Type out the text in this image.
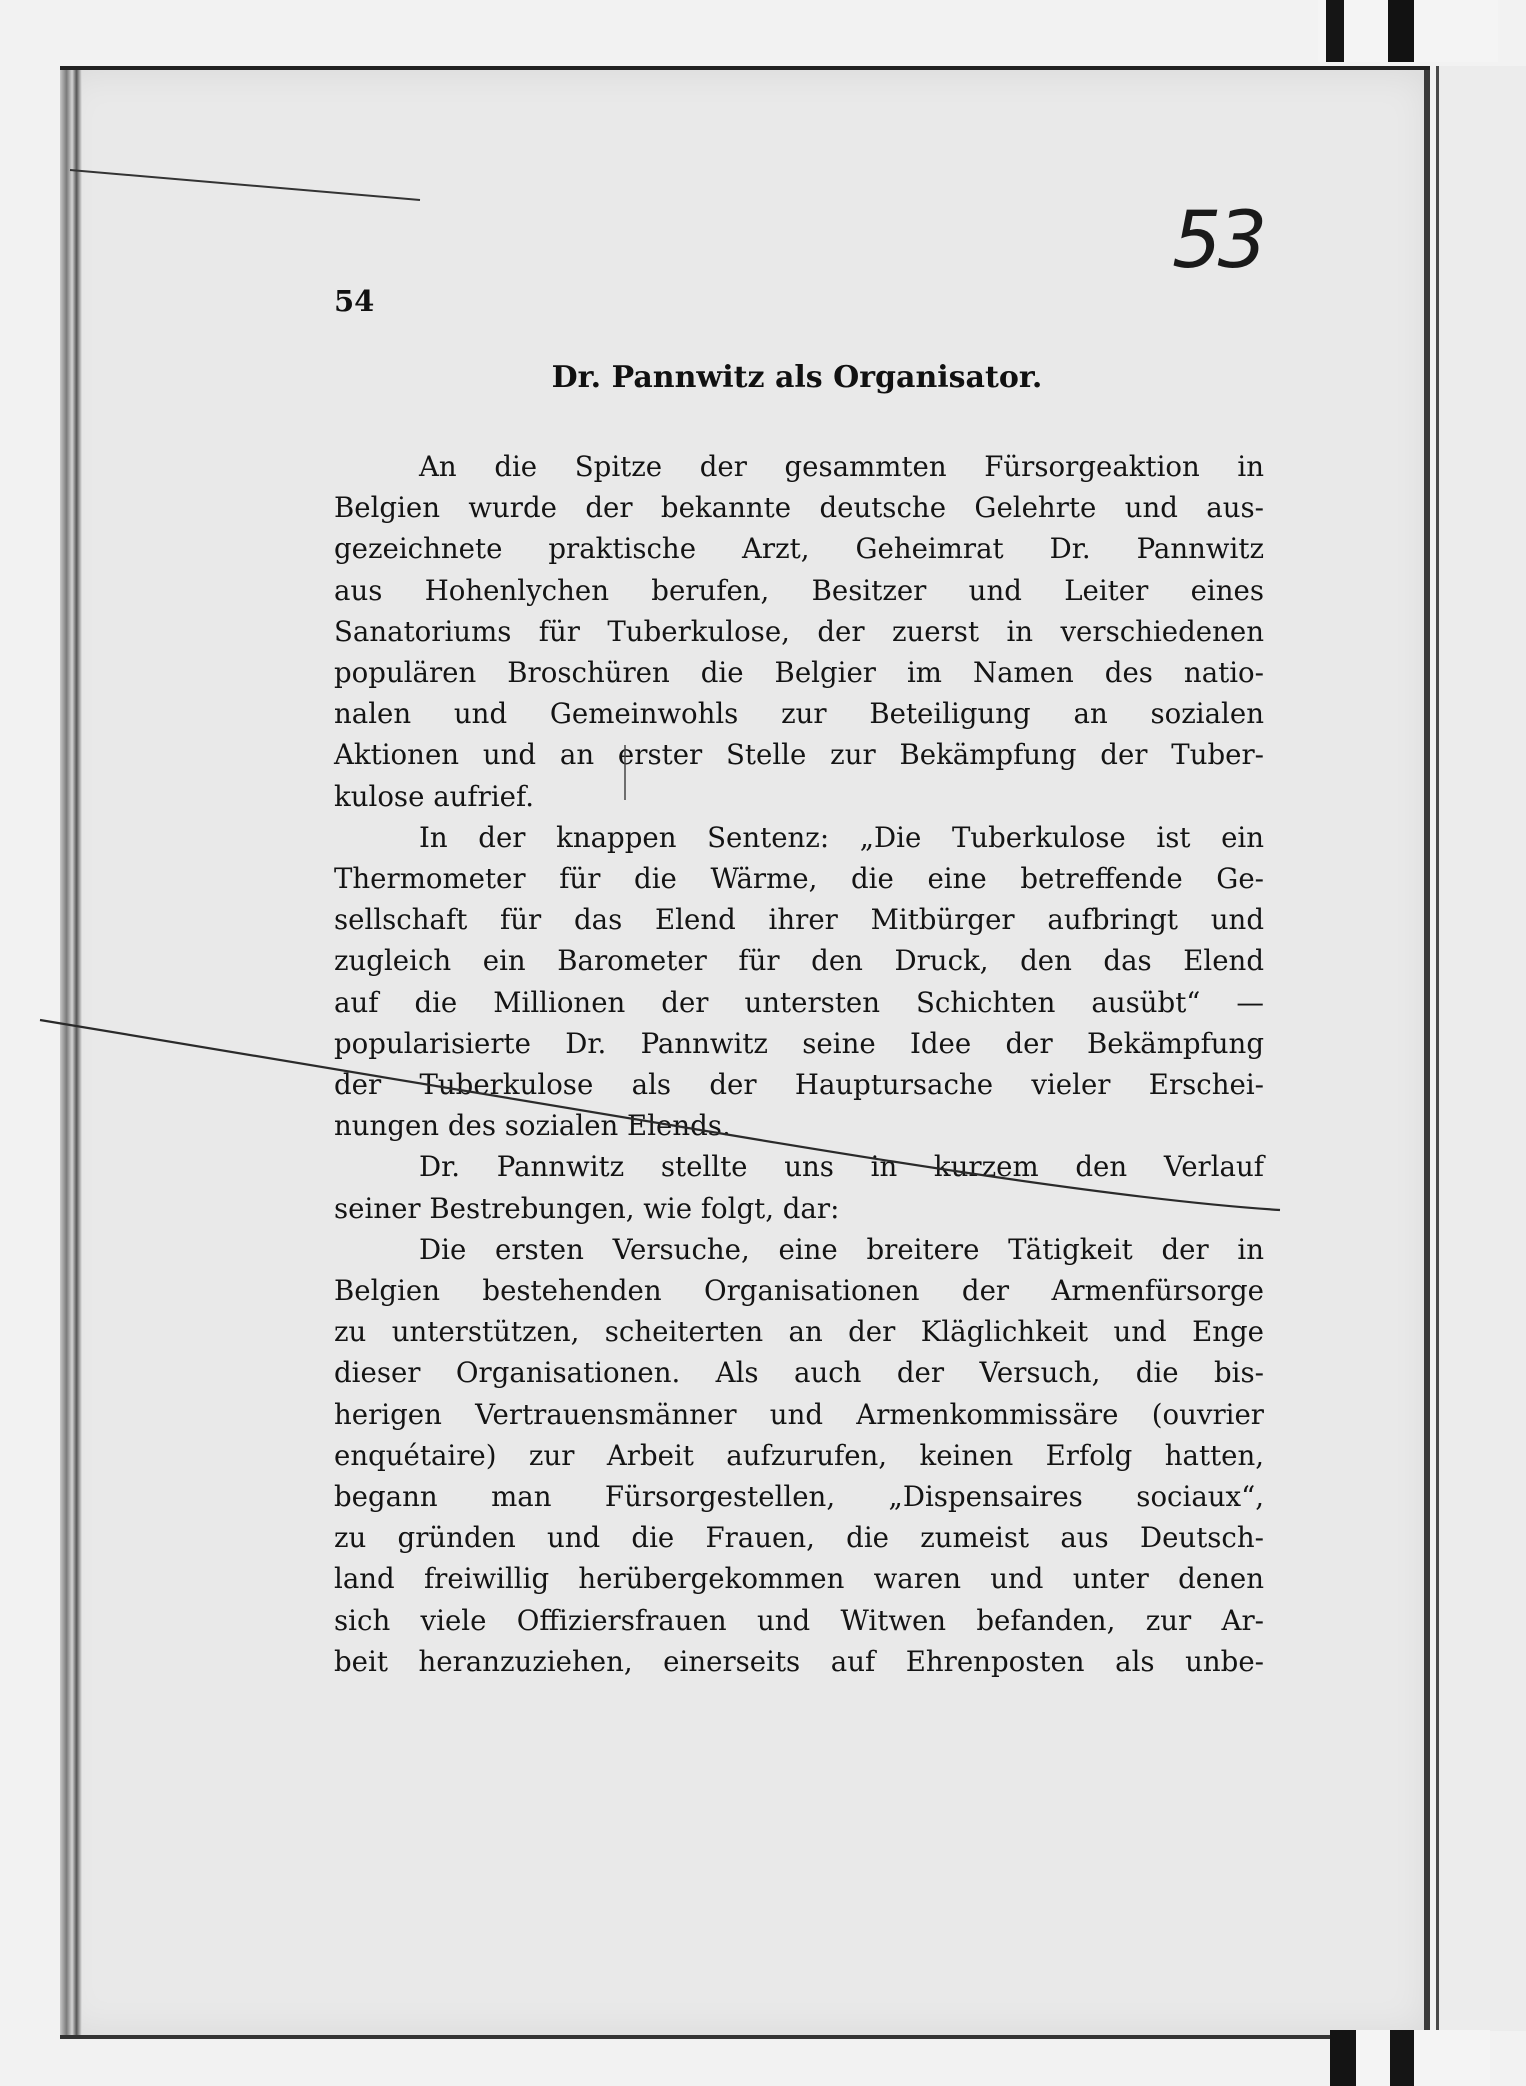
53
54
Dr. Pannwitz als Organisator.
An die Spitze der gesammten Fürsorgeaktion in
Belgien wurde der bekannte deutsche Gelehrte und aus-
gezeichnete praktische Arzt, Geheimrat Dr. Pannwitz
aus Hohenlychen berufen, Besitzer und Leiter eines
Sanatoriums für Tuberkulose, der zuerst in verschiedenen
populären Broschüren die Belgier im Namen des natio-
nalen und Gemeinwohls zur Beteiligung an sozialen
Aktionen und an erster Stelle zur Bekämpfung der Tuber-
kulose aufrief.
In der knappen Sentenz: „Die Tuberkulose ist ein
Thermometer für die Wärme, die eine betreffende Ge-
sellschaft für das Elend ihrer Mitbürger aufbringt und
zugleich ein Barometer für den Druck, den das Elend
auf die Millionen der untersten Schichten ausübt“ —
popularisierte Dr. Pannwitz seine Idee der Bekämpfung
der Tuberkulose als der Hauptursache vieler Erschei-
nungen des sozialen Elends.
Dr. Pannwitz stellte uns in kurzem den Verlauf
seiner Bestrebungen, wie folgt, dar:
Die ersten Versuche, eine breitere Tätigkeit der in
Belgien bestehenden Organisationen der Armenfürsorge
zu unterstützen, scheiterten an der Kläglichkeit und Enge
dieser Organisationen. Als auch der Versuch, die bis-
herigen Vertrauensmänner und Armenkommissäre (ouvrier
enquétaire) zur Arbeit aufzurufen, keinen Erfolg hatten,
begann man Fürsorgestellen, „Dispensaires sociaux“,
zu gründen und die Frauen, die zumeist aus Deutsch-
land freiwillig herübergekommen waren und unter denen
sich viele Offiziersfrauen und Witwen befanden, zur Ar-
beit heranzuziehen, einerseits auf Ehrenposten als unbe-
